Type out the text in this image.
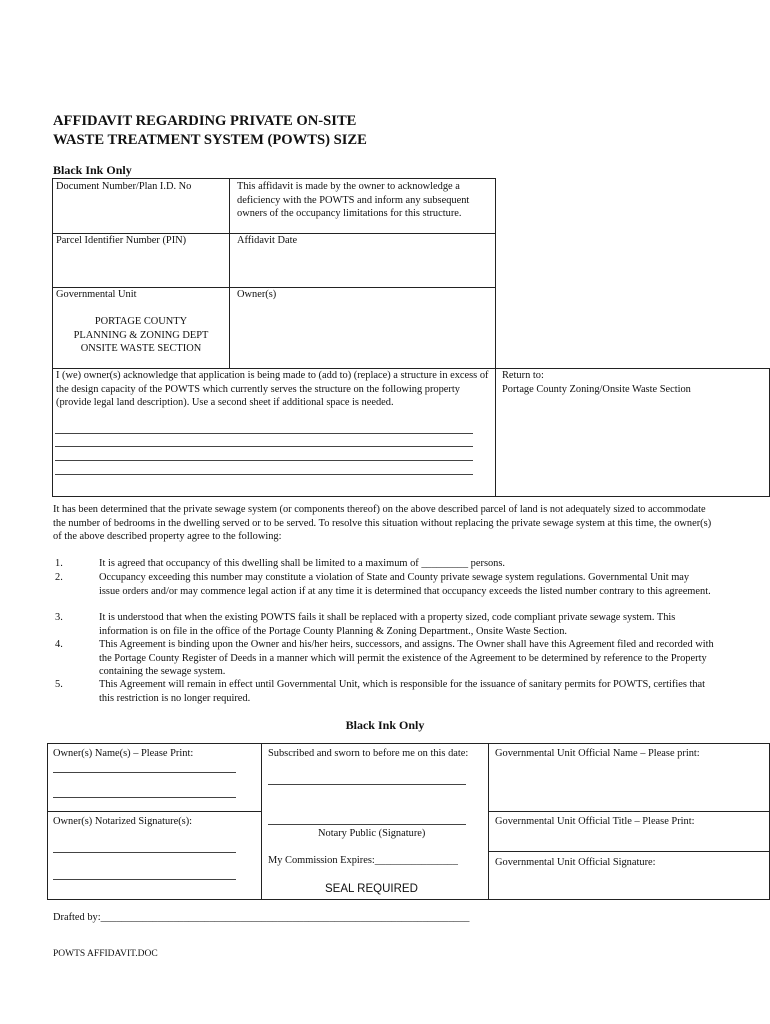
AFFIDAVIT REGARDING PRIVATE ON-SITE
WASTE TREATMENT SYSTEM (POWTS) SIZE
Black Ink Only
Document Number/Plan I.D. No	This affidavit is made by the owner to acknowledge a deficiency with the POWTS and inform any subsequent owners of the occupancy limitations for this structure.
Parcel Identifier Number (PIN)	Affidavit Date
Governmental Unit	Owner(s)
PORTAGE COUNTY
PLANNING & ZONING DEPT
ONSITE WASTE SECTION
I (we) owner(s) acknowledge that application is being made to (add to) (replace) a structure in excess of the design capacity of the POWTS which currently serves the structure on the following property (provide legal land description). Use a second sheet if additional space is needed.
Return to:
Portage County Zoning/Onsite Waste Section
It has been determined that the private sewage system (or components thereof) on the above described parcel of land is not adequately sized to accommodate the number of bedrooms in the dwelling served or to be served. To resolve this situation without replacing the private sewage system at this time, the owner(s) of the above described property agree to the following:
1.	It is agreed that occupancy of this dwelling shall be limited to a maximum of _________ persons.
2.	Occupancy exceeding this number may constitute a violation of State and County private sewage system regulations. Governmental Unit may issue orders and/or may commence legal action if at any time it is determined that occupancy exceeds the listed number contrary to this agreement.
3.	It is understood that when the existing POWTS fails it shall be replaced with a property sized, code compliant private sewage system. This information is on file in the office of the Portage County Planning & Zoning Department., Onsite Waste Section.
4.	This Agreement is binding upon the Owner and his/her heirs, successors, and assigns. The Owner shall have this Agreement filed and recorded with the Portage County Register of Deeds in a manner which will permit the existence of the Agreement to be determined by reference to the Property containing the sewage system.
5.	This Agreement will remain in effect until Governmental Unit, which is responsible for the issuance of sanitary permits for POWTS, certifies that this restriction is no longer required.
Black Ink Only
Owner(s) Name(s) – Please Print:	Subscribed and sworn to before me on this date:	Governmental Unit Official Name – Please print:
Owner(s) Notarized Signature(s):
Notary Public (Signature)
My Commission Expires:________________
SEAL REQUIRED
Governmental Unit Official Title – Please Print:
Governmental Unit Official Signature:
Drafted by:_______________________________________________________________________
POWTS AFFIDAVIT.DOC
